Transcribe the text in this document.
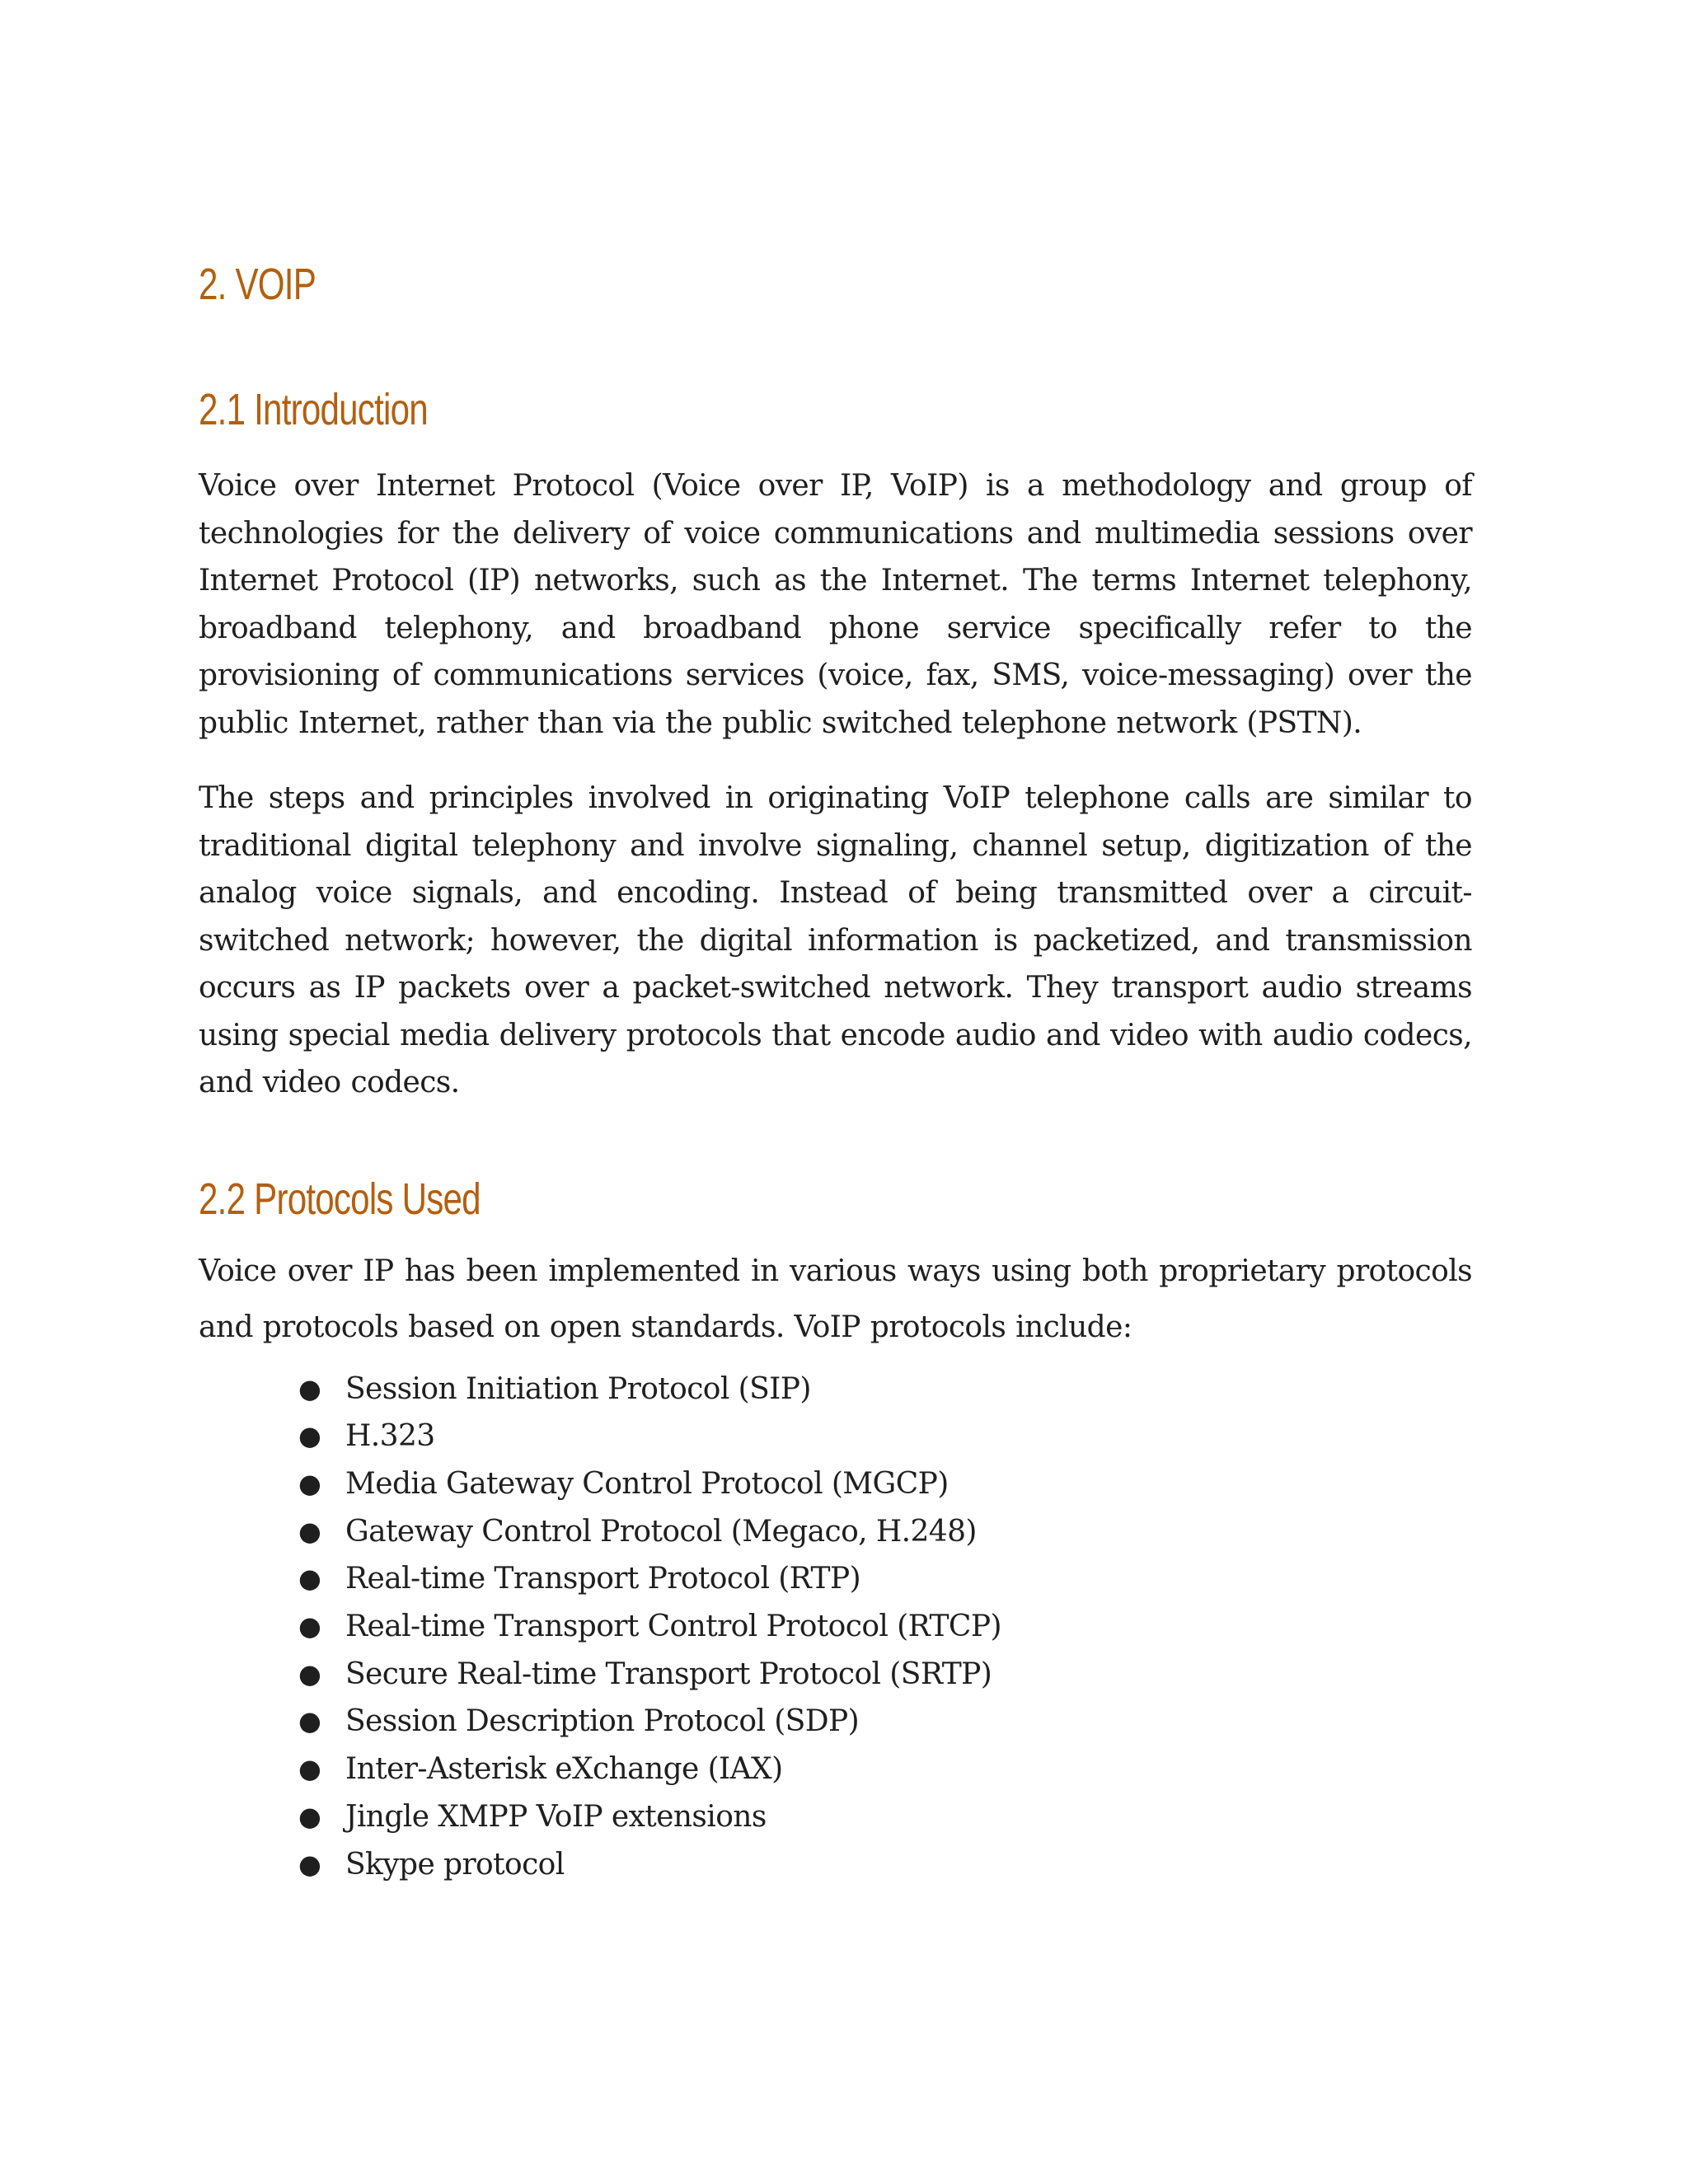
2. VOIP
2.1 Introduction

Voice over Internet Protocol (Voice over IP, VoIP) is a methodology and group of technologies for the delivery of voice communications and multimedia sessions over Internet Protocol (IP) networks, such as the Internet. The terms Internet telephony, broadband telephony, and broadband phone service specifically refer to the provisioning of communications services (voice, fax, SMS, voice-messaging) over the public Internet, rather than via the public switched telephone network (PSTN).

The steps and principles involved in originating VoIP telephone calls are similar to traditional digital telephony and involve signaling, channel setup, digitization of the analog voice signals, and encoding. Instead of being transmitted over a circuit-switched network; however, the digital information is packetized, and transmission occurs as IP packets over a packet-switched network. They transport audio streams using special media delivery protocols that encode audio and video with audio codecs, and video codecs.

2.2 Protocols Used

Voice over IP has been implemented in various ways using both proprietary protocols and protocols based on open standards. VoIP protocols include:

● Session Initiation Protocol (SIP)
● H.323
● Media Gateway Control Protocol (MGCP)
● Gateway Control Protocol (Megaco, H.248)
● Real-time Transport Protocol (RTP)
● Real-time Transport Control Protocol (RTCP)
● Secure Real-time Transport Protocol (SRTP)
● Session Description Protocol (SDP)
● Inter-Asterisk eXchange (IAX)
● Jingle XMPP VoIP extensions
● Skype protocol
